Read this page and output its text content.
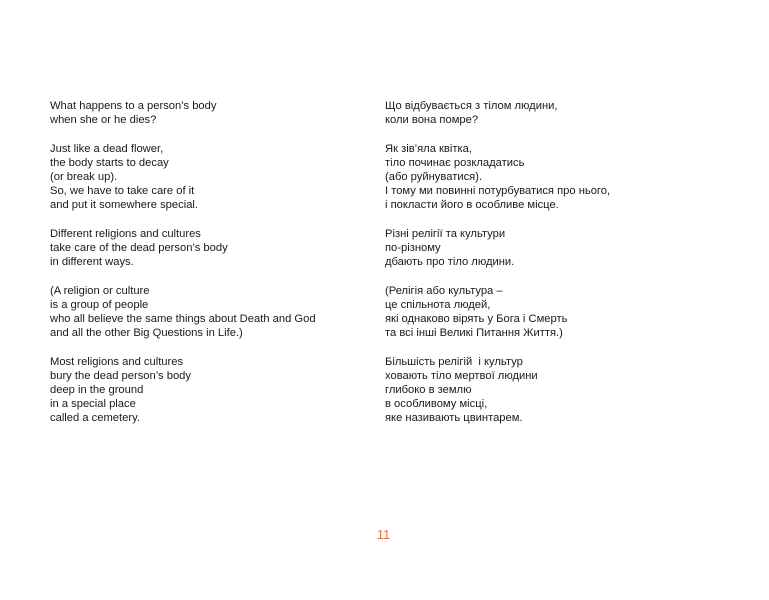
What happens to a person’s body
when she or he dies?
Just like a dead flower,
the body starts to decay
(or break up).
So, we have to take care of it
and put it somewhere special.
Different religions and cultures
take care of the dead person’s body
in different ways.
(A religion or culture
is a group of people
who all believe the same things about Death and God
and all the other Big Questions in Life.)
Most religions and cultures
bury the dead person’s body
deep in the ground
in a special place
called a cemetery.
Що відбувається з тілом людини,
коли вона помре?
Як зів’яла квітка,
тіло починає розкладатись
(або руйнуватися).
І тому ми повинні потурбуватися про нього,
і покласти його в особливе місце.
Різні релігії та культури
по-різному
дбають про тіло людини.
(Релігія або культура –
це спільнота людей,
які однаково вірять у Бога і Смерть
та всі інші Великі Питання Життя.)
Більшість релігій  і культур
ховають тіло мертвої людини
глибоко в землю
в особливому місці,
яке називають цвинтарем.
11
